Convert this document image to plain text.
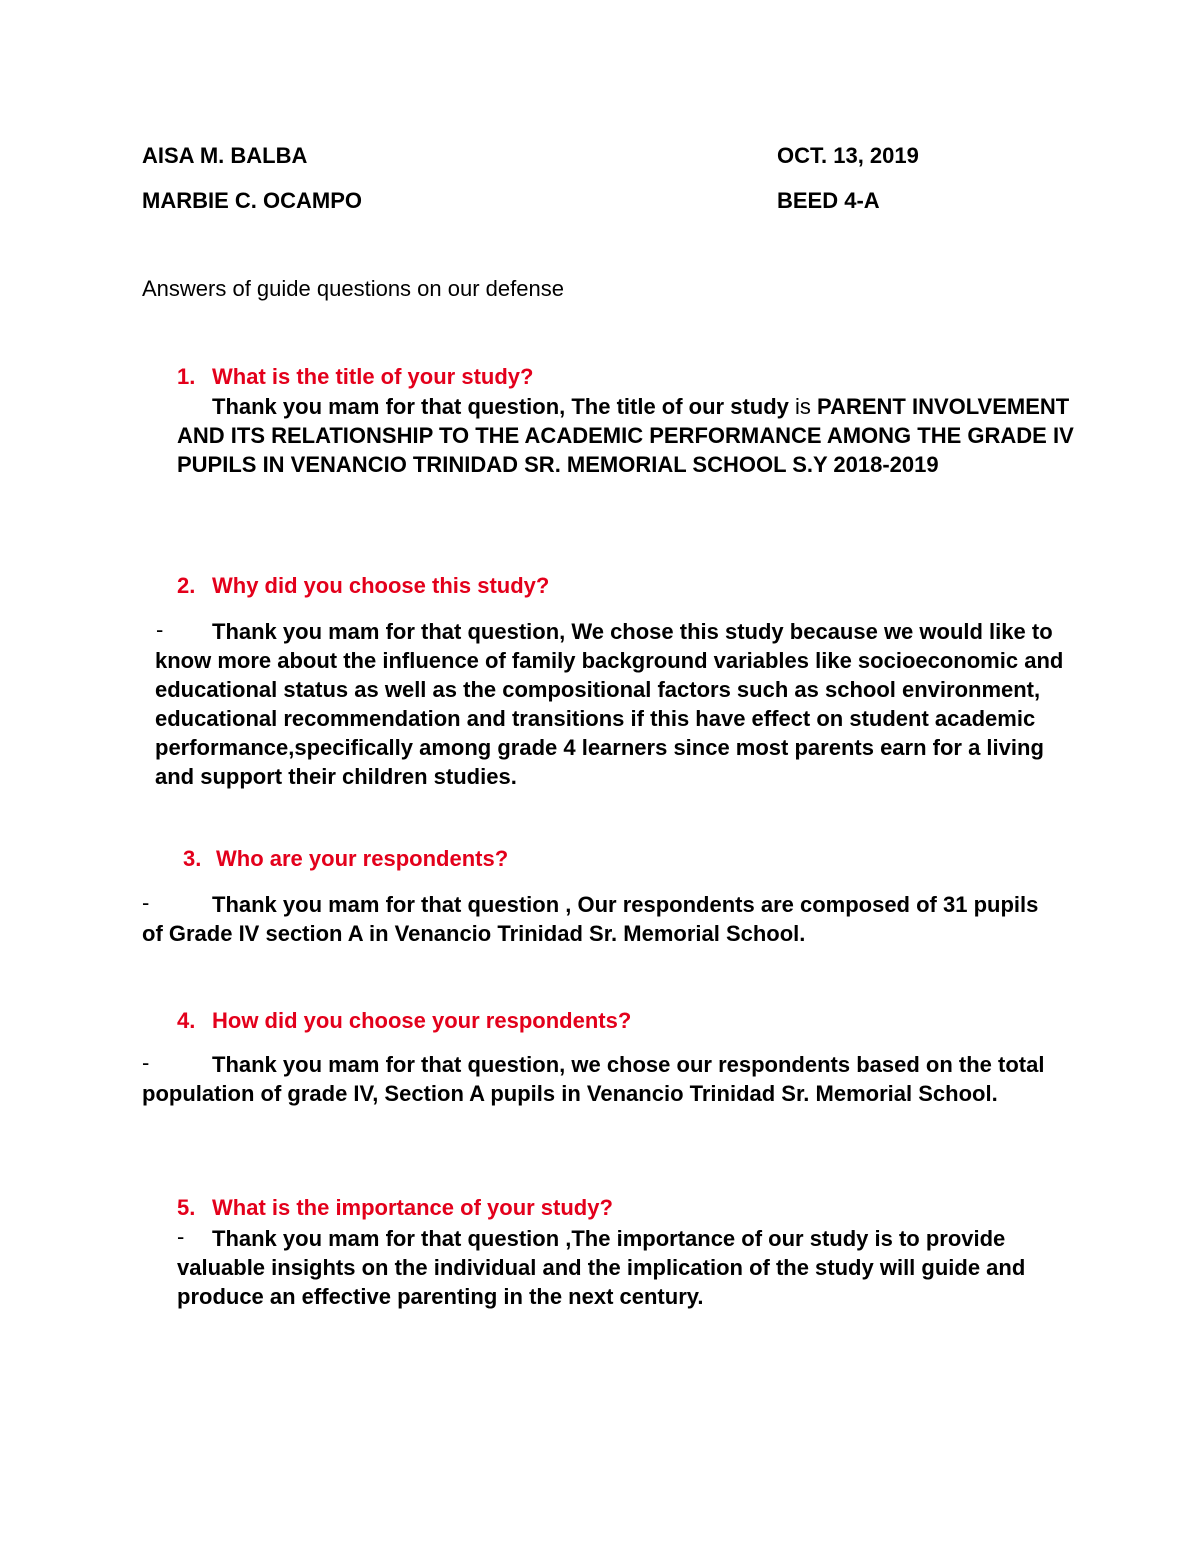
AISA M. BALBA	OCT. 13, 2019
MARBIE C. OCAMPO	BEED 4-A
Answers of guide questions on our defense
1. What is the title of your study?
Thank you mam for that question, The title of our study is PARENT INVOLVEMENT AND ITS RELATIONSHIP TO THE ACADEMIC PERFORMANCE AMONG THE GRADE IV PUPILS IN VENANCIO TRINIDAD SR. MEMORIAL SCHOOL S.Y 2018-2019
2. Why did you choose this study?
-	Thank you mam for that question, We chose this study because we would like to know more about the influence of family background variables like socioeconomic and educational status as well as the compositional factors such as school environment, educational recommendation and transitions if this have effect on student academic performance,specifically among grade 4 learners since most parents earn for a living and support their children studies.
3. Who are your respondents?
-	Thank you mam for that question , Our respondents are composed of 31 pupils of Grade IV section A in Venancio Trinidad Sr. Memorial School.
4. How did you choose your respondents?
-	Thank you mam for that question, we chose our respondents based on the total population of grade IV, Section A pupils in Venancio Trinidad Sr. Memorial School.
5. What is the importance of your study?
-	Thank you mam for that question ,The importance of our study is to provide valuable insights on the individual and the implication of the study will guide and produce an effective parenting in the next century.
